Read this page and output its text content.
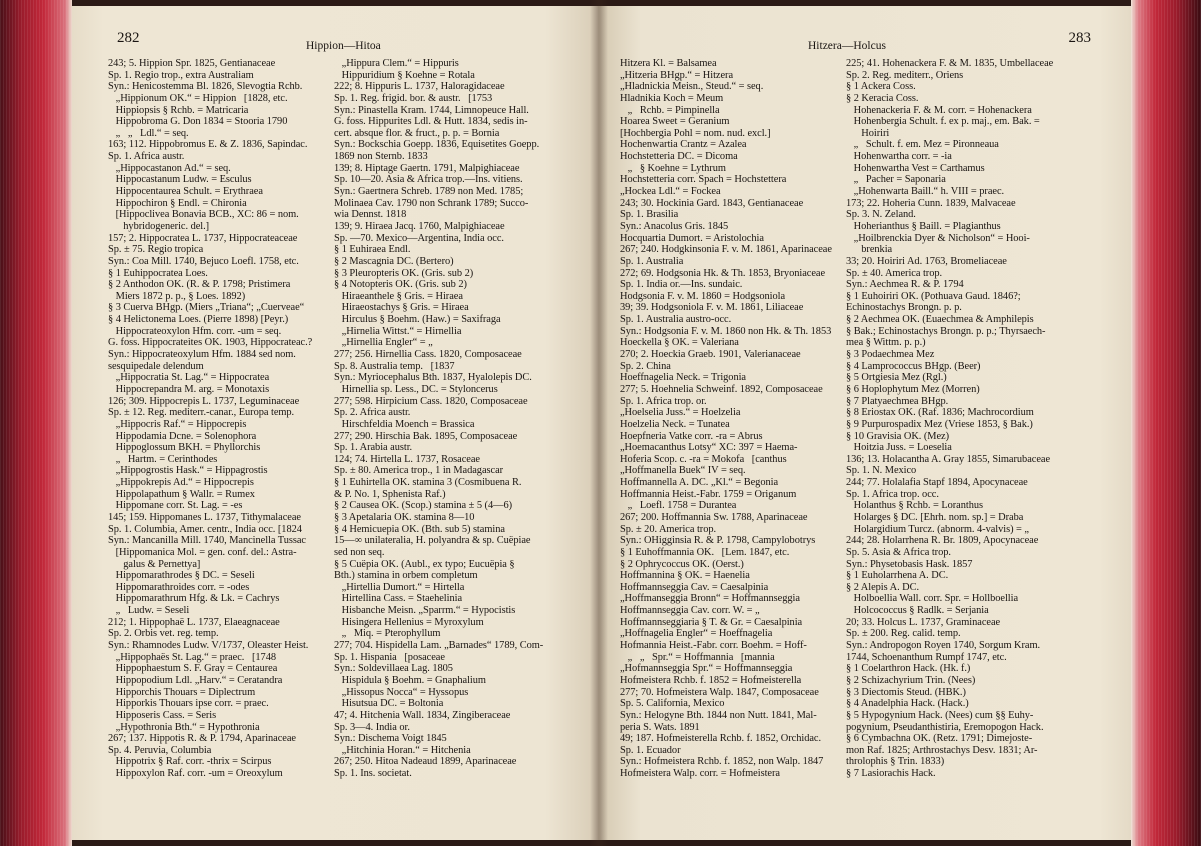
282	Hippion—Hitoa
243; 5. Hippion Spr. 1825, Gentianaceae
Sp. 1. Regio trop., extra Australiam
Syn.: Henicostemma Bl. 1826, Slevogtia Rchb.
„Hippionum OK.“ = Hippion   [1828, etc.
Hippiopsis § Rchb. = Matricaria
Hippobroma G. Don 1834 = Stooria 1790
„   „   Ldl.“ = seq.
163; 112. Hippobromus E. & Z. 1836, Sapindac.
Sp. 1. Africa austr.
„Hippocastanon Ad.“ = seq.
Hippocastanum Ludw. = Esculus
Hippocentaurea Schult. = Erythraea
Hippochiron § Endl. = Chironia
[Hippoclivea Bonavia BCB., XC: 86 = nom.
hybridogeneric. del.]
157; 2. Hippocratea L. 1737, Hippocrateaceae
Sp. ± 75. Regio tropica
Syn.: Coa Mill. 1740, Bejuco Loefl. 1758, etc.
§ 1 Euhippocratea Loes.
§ 2 Anthodon OK. (R. & P. 1798; Pristimera
Miers 1872 p. p., § Loes. 1892)
§ 3 Cuerva BHgp. (Miers „Triana“; „Cuerveae“
§ 4 Helictonema Loes. (Pierre 1898) [Peyr.)
Hippocrateoxylon Hfm. corr. -um = seq.
G. foss. Hippocrateites OK. 1903, Hippocrateac.?
Syn.: Hippocrateoxylum Hfm. 1884 sed nom.
sesquipedale delendum
„Hippocratia St. Lag.“ = Hippocratea
Hippocrepandra M. arg. = Monotaxis
126; 309. Hippocrepis L. 1737, Leguminaceae
Sp. ± 12. Reg. mediterr.-canar., Europa temp.
„Hippocris Raf.“ = Hippocrepis
Hippodamia Dcne. = Solenophora
Hippoglossum BKH. = Phyllorchis
„   Hartm. = Cerinthodes
„Hippogrostis Hask.“ = Hippagrostis
„Hippokrepis Ad.“ = Hippocrepis
Hippolapathum § Wallr. = Rumex
Hippomane corr. St. Lag. = -es
145; 159. Hippomanes L. 1737, Tithymalaceae
Sp. 1. Columbia, Amer. centr., India occ. [1824
Syn.: Mancanilla Mill. 1740, Mancinella Tussac
[Hippomanica Mol. = gen. conf. del.: Astra-
galus & Pernettya]
Hippomarathrodes § DC. = Seseli
Hippomarathroides corr. = -odes
Hippomarathrum Hfg. & Lk. = Cachrys
„   Ludw. = Seseli
212; 1. Hippophaë L. 1737, Elaeagnaceae
Sp. 2. Orbis vet. reg. temp.
Syn.: Rhamnodes Ludw. V/1737, Oleaster Heist.
„Hippophaës St. Lag.“ = praec.   [1748
Hippophaestum S. F. Gray = Centaurea
Hippopodium Ldl. „Harv.“ = Ceratandra
Hipporchis Thouars = Diplectrum
Hipporkis Thouars ipse corr. = praec.
Hipposeris Cass. = Seris
„Hypothronia Bth.“ = Hypothronia
267; 137. Hippotis R. & P. 1794, Aparinaceae
Sp. 4. Peruvia, Columbia
Hippotrix § Raf. corr. -thrix = Scirpus
Hippoxylon Raf. corr. -um = Oreoxylum
„Hippura Clem.“ = Hippuris
Hippuridium § Koehne = Rotala
222; 8. Hippuris L. 1737, Haloragidaceae
Sp. 1. Reg. frigid. bor. & austr.   [1753
Syn.: Pinastella Kram. 1744, Limnopeuce Hall.
G. foss. Hippurites Ldl. & Hutt. 1834, sedis in-
cert. absque flor. & fruct., p. p. = Bornia
Syn.: Bockschia Goepp. 1836, Equisetites Goepp.
1869 non Sternb. 1833
139; 8. Hiptage Gaertn. 1791, Malpighiaceae
Sp. 10—20. Asia & Africa trop.—Ins. vitiens.
Syn.: Gaertnera Schreb. 1789 non Med. 1785;
Molinaea Cav. 1790 non Schrank 1789; Succo-
wia Dennst. 1818
139; 9. Hiraea Jacq. 1760, Malpighiaceae
Sp. —70. Mexico—Argentina, India occ.
§ 1 Euhiraea Endl.
§ 2 Mascagnia DC. (Bertero)
§ 3 Pleuropteris OK. (Gris. sub 2)
§ 4 Notopteris OK. (Gris. sub 2)
Hiraeanthele § Gris. = Hiraea
Hiraeostachys § Gris. = Hiraea
Hirculus § Boehm. (Haw.) = Saxifraga
„Hirnelia Wittst.“ = Hirnellia
„Hirnellia Engler“ = „
277; 256. Hirnellia Cass. 1820, Composaceae
Sp. 8. Australia temp.   [1837
Syn.: Myriocephalus Bth. 1837, Hyalolepis DC.
Hirnellia sp. Less., DC. = Styloncerus
277; 598. Hirpicium Cass. 1820, Composaceae
Sp. 2. Africa austr.
Hirschfeldia Moench = Brassica
277; 290. Hirschia Bak. 1895, Composaceae
Sp. 1. Arabia austr.
124; 74. Hirtella L. 1737, Rosaceae
Sp. ± 80. America trop., 1 in Madagascar
§ 1 Euhirtella OK. stamina 3 (Cosmibuena R.
& P. No. 1, Sphenista Raf.)
§ 2 Causea OK. (Scop.) stamina ± 5 (4—6)
§ 3 Apetalaria OK. stamina 8—10
§ 4 Hemicuepia OK. (Bth. sub 5) stamina
15—∞ unilateralia, H. polyandra & sp. Cuëpiae
sed non seq.
§ 5 Cuëpia OK. (Aubl., ex typo; Eucuëpia §
Bth.) stamina in orbem completum
„Hirtellia Dumort.“ = Hirtella
Hirtellina Cass. = Staehelinia
Hisbanche Meisn. „Sparrm.“ = Hypocistis
Hisingera Hellenius = Myroxylum
„   Miq. = Pterophyllum
277; 704. Hispidella Lam. „Barnades“ 1789, Com-
Sp. 1. Hispania   [posaceae
Syn.: Soldevillaea Lag. 1805
Hispidula § Boehm. = Gnaphalium
„Hissopus Nocca“ = Hyssopus
Hisutsua DC. = Boltonia
47; 4. Hitchenia Wall. 1834, Zingiberaceae
Sp. 3—4. India or.
Syn.: Dischema Voigt 1845
„Hitchinia Horan.“ = Hitchenia
267; 250. Hitoa Nadeaud 1899, Aparinaceae
Sp. 1. Ins. societat.
Hitzera—Holcus	283
Hitzera Kl. = Balsamea
„Hitzeria BHgp.“ = Hitzera
„Hladnickia Meisn., Steud.“ = seq.
Hladnikia Koch = Meum
„   Rchb. = Pimpinella
Hoarea Sweet = Geranium
[Hochbergia Pohl = nom. nud. excl.]
Hochenwartia Crantz = Azalea
Hochstetteria DC. = Dicoma
„   § Koehne = Lythrum
Hochstetteria corr. Spach = Hochstettera
„Hockea Ldl.“ = Fockea
243; 30. Hockinia Gard. 1843, Gentianaceae
Sp. 1. Brasilia
Syn.: Anacolus Gris. 1845
Hocquartia Dumort. = Aristolochia
267; 240. Hodgkinsonia F. v. M. 1861, Aparinaceae
Sp. 1. Australia
272; 69. Hodgsonia Hk. & Th. 1853, Bryoniaceae
Sp. 1. India or.—Ins. sundaic.
Hodgsonia F. v. M. 1860 = Hodgsoniola
39; 39. Hodgsoniola F. v. M. 1861, Liliaceae
Sp. 1. Australia austro-occ.
Syn.: Hodgsonia F. v. M. 1860 non Hk. & Th. 1853
Hoeckella § OK. = Valeriana
270; 2. Hoeckia Graeb. 1901, Valerianaceae
Sp. 2. China
Hoeffnagelia Neck. = Trigonia
277; 5. Hoehnelia Schweinf. 1892, Composaceae
Sp. 1. Africa trop. or.
„Hoelselia Juss.“ = Hoelzelia
Hoelzelia Neck. = Tunatea
Hoepfneria Vatke corr. -ra = Abrus
„Hoemacanthus Lotsy“ XC: 397 = Haema-
Hoferia Scop. c. -ra = Mokofa   [canthus
„Hoffmanella Buek“ IV = seq.
Hoffmannella A. DC. „Kl.“ = Begonia
Hoffmannia Heist.-Fabr. 1759 = Origanum
„   Loefl. 1758 = Durantea
267; 200. Hoffmannia Sw. 1788, Aparinaceae
Sp. ± 20. America trop.
Syn.: OHigginsia R. & P. 1798, Campylobotrys
§ 1 Euhoffmannia OK.   [Lem. 1847, etc.
§ 2 Ophrycoccus OK. (Oerst.)
Hoffmannina § OK. = Haenelia
Hoffmannseggia Cav. = Caesalpinia
„Hoffmanseggia Bronn“ = Hoffmannseggia
Hoffmannseggia Cav. corr. W. = „
Hoffmannseggiaria § T. & Gr. = Caesalpinia
„Hoffnagelia Engler“ = Hoeffnagelia
Hofmannia Heist.-Fabr. corr. Boehm. = Hoff-
„   „   Spr.“ = Hoffmannia   [mannia
„Hofmannseggia Spr.“ = Hoffmannseggia
Hofmeistera Rchb. f. 1852 = Hofmeisterella
277; 70. Hofmeistera Walp. 1847, Composaceae
Sp. 5. California, Mexico
Syn.: Helogyne Bth. 1844 non Nutt. 1841, Mal-
peria S. Wats. 1891
49; 187. Hofmeisterella Rchb. f. 1852, Orchidac.
Sp. 1. Ecuador
Syn.: Hofmeistera Rchb. f. 1852, non Walp. 1847
Hofmeistera Walp. corr. = Hofmeistera
225; 41. Hohenackera F. & M. 1835, Umbellaceae
Sp. 2. Reg. mediterr., Oriens
§ 1 Ackera Coss.
§ 2 Keracia Coss.
Hohenackeria F. & M. corr. = Hohenackera
Hohenbergia Schult. f. ex p. maj., em. Bak. =
Hoiriri
„   Schult. f. em. Mez = Pironneaua
Hohenwartha corr. = -ia
Hohenwartha Vest = Carthamus
„   Pacher = Saponaria
„Hohenwarta Baill.“ h. VIII = praec.
173; 22. Hoheria Cunn. 1839, Malvaceae
Sp. 3. N. Zeland.
Hoherianthus § Baill. = Plagianthus
„Hoilbrenckia Dyer & Nicholson“ = Hooi-
brenkia
33; 20. Hoiriri Ad. 1763, Bromeliaceae
Sp. ± 40. America trop.
Syn.: Aechmea R. & P. 1794
§ 1 Euhoiriri OK. (Pothuava Gaud. 1846?;
Echinostachys Brongn. p. p.
§ 2 Aechmea OK. (Euaechmea & Amphilepis
§ Bak.; Echinostachys Brongn. p. p.; Thyrsaech-
mea § Wittm. p. p.)
§ 3 Podaechmea Mez
§ 4 Lamprococcus BHgp. (Beer)
§ 5 Ortgiesia Mez (Rgl.)
§ 6 Hoplophytum Mez (Morren)
§ 7 Platyaechmea BHgp.
§ 8 Eriostax OK. (Raf. 1836; Machrocordium
§ 9 Purpurospadix Mez (Vriese 1853, § Bak.)
§ 10 Gravisia OK. (Mez)
Hoitzia Juss. = Loeselia
136; 13. Holacantha A. Gray 1855, Simarubaceae
Sp. 1. N. Mexico
244; 77. Holalafia Stapf 1894, Apocynaceae
Sp. 1. Africa trop. occ.
Holanthus § Rchb. = Loranthus
Holarges § DC. [Ehrh. nom. sp.] = Draba
Holargidium Turcz. (abnorm. 4-valvis) = „
244; 28. Holarrhena R. Br. 1809, Apocynaceae
Sp. 5. Asia & Africa trop.
Syn.: Physetobasis Hask. 1857
§ 1 Euholarrhena A. DC.
§ 2 Alepis A. DC.
Holboellia Wall. corr. Spr. = Hollboellia
Holcococcus § Radlk. = Serjania
20; 33. Holcus L. 1737, Graminaceae
Sp. ± 200. Reg. calid. temp.
Syn.: Andropogon Royen 1740, Sorgum Kram.
1744, Schoenanthum Rumpf 1747, etc.
§ 1 Coelarthron Hack. (Hk. f.)
§ 2 Schizachyrium Trin. (Nees)
§ 3 Diectomis Steud. (HBK.)
§ 4 Anadelphia Hack. (Hack.)
§ 5 Hypogynium Hack. (Nees) cum §§ Euhy-
pogynium, Pseudanthistiria, Eremopogon Hack.
§ 6 Cymbachna OK. (Retz. 1791; Dimejoste-
mon Raf. 1825; Arthrostachys Desv. 1831; Ar-
throlophis § Trin. 1833)
§ 7 Lasiorachis Hack.
